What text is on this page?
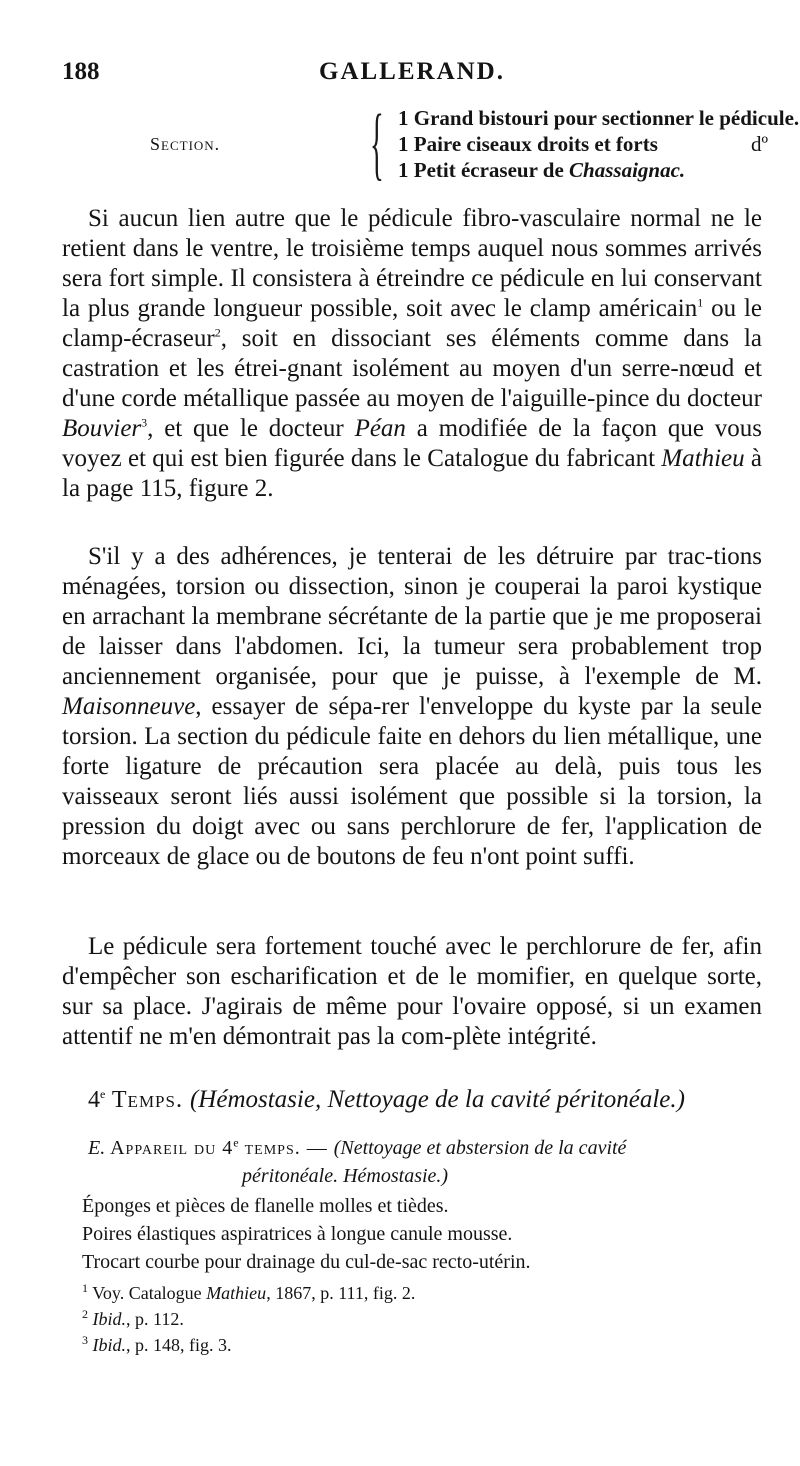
188	GALLERAND.
Section. { 1 Grand bistouri pour sectionner le pédicule.
1 Paire ciseaux droits et forts	dº
1 Petit écraseur de Chassaignac.

Si aucun lien autre que le pédicule fibro-vasculaire normal ne le retient dans le ventre, le troisième temps auquel nous sommes arrivés sera fort simple. Il consistera à étreindre ce pédicule en lui conservant la plus grande longueur possible, soit avec le clamp américain$^1$ ou le clamp-écraseur$^2$, soit en dissociant ses éléments comme dans la castration et les étrei-gnant isolément au moyen d'un serre-nœud et d'une corde métallique passée au moyen de l'aiguille-pince du docteur Bouvier$^3$, et que le docteur Péan a modifiée de la façon que vous voyez et qui est bien figurée dans le Catalogue du fabricant Mathieu à la page 115, figure 2.

S'il y a des adhérences, je tenterai de les détruire par trac-tions ménagées, torsion ou dissection, sinon je couperai la paroi kystique en arrachant la membrane sécrétante de la partie que je me proposerai de laisser dans l'abdomen. Ici, la tumeur sera probablement trop anciennement organisée, pour que je puisse, à l'exemple de M. Maisonneuve, essayer de sépa-rer l'enveloppe du kyste par la seule torsion. La section du pédicule faite en dehors du lien métallique, une forte ligature de précaution sera placée au delà, puis tous les vaisseaux seront liés aussi isolément que possible si la torsion, la pression du doigt avec ou sans perchlorure de fer, l'application de morceaux de glace ou de boutons de feu n'ont point suffi.

Le pédicule sera fortement touché avec le perchlorure de fer, afin d'empêcher son escharification et de le momifier, en quelque sorte, sur sa place. J'agirais de même pour l'ovaire opposé, si un examen attentif ne m'en démontrait pas la com-plète intégrité.

4e Temps. (Hémostasie, Nettoyage de la cavité péritonéale.)
E. Appareil du 4e temps. — (Nettoyage et abstersion de la cavité
péritonéale. Hémostasie.)
Éponges et pièces de flanelle molles et tièdes.
Poires élastiques aspiratrices à longue canule mousse.
Trocart courbe pour drainage du cul-de-sac recto-utérin.
$^1$ Voy. Catalogue Mathieu, 1867, p. 111, fig. 2.
$^2$ Ibid., p. 112.
$^3$ Ibid., p. 148, fig. 3.
